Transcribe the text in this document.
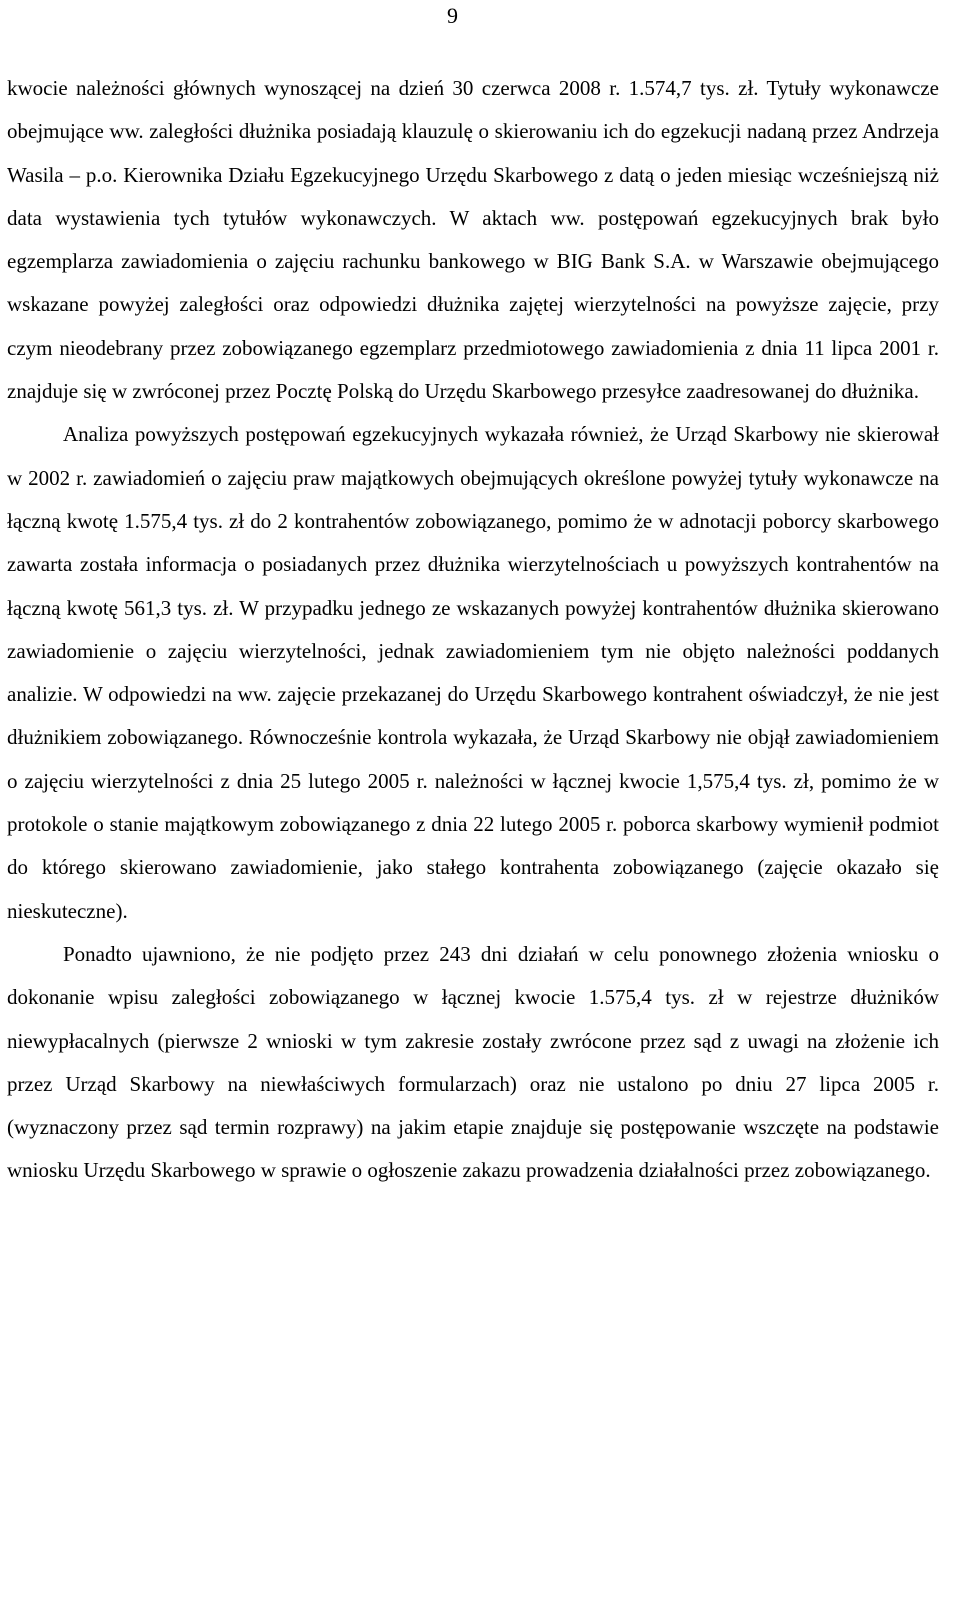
9

kwocie należności głównych wynoszącej na dzień 30 czerwca 2008 r. 1.574,7 tys. zł. Tytuły wykonawcze obejmujące ww. zaległości dłużnika posiadają klauzulę o skierowaniu ich do egzekucji nadaną przez Andrzeja Wasila – p.o. Kierownika Działu Egzekucyjnego Urzędu Skarbowego z datą o jeden miesiąc wcześniejszą niż data wystawienia tych tytułów wykonawczych. W aktach ww. postępowań egzekucyjnych brak było egzemplarza zawiadomienia o zajęciu rachunku bankowego w BIG Bank S.A. w Warszawie obejmującego wskazane powyżej zaległości oraz odpowiedzi dłużnika zajętej wierzytelności na powyższe zajęcie, przy czym nieodebrany przez zobowiązanego egzemplarz przedmiotowego zawiadomienia z dnia 11 lipca 2001 r. znajduje się w zwróconej przez Pocztę Polską do Urzędu Skarbowego przesyłce zaadresowanej do dłużnika.

Analiza powyższych postępowań egzekucyjnych wykazała również, że Urząd Skarbowy nie skierował w 2002 r. zawiadomień o zajęciu praw majątkowych obejmujących określone powyżej tytuły wykonawcze na łączną kwotę 1.575,4 tys. zł do 2 kontrahentów zobowiązanego, pomimo że w adnotacji poborcy skarbowego zawarta została informacja o posiadanych przez dłużnika wierzytelnościach u powyższych kontrahentów na łączną kwotę 561,3 tys. zł. W przypadku jednego ze wskazanych powyżej kontrahentów dłużnika skierowano zawiadomienie o zajęciu wierzytelności, jednak zawiadomieniem tym nie objęto należności poddanych analizie. W odpowiedzi na ww. zajęcie przekazanej do Urzędu Skarbowego kontrahent oświadczył, że nie jest dłużnikiem zobowiązanego. Równocześnie kontrola wykazała, że Urząd Skarbowy nie objął zawiadomieniem o zajęciu wierzytelności z dnia 25 lutego 2005 r. należności w łącznej kwocie 1,575,4 tys. zł, pomimo że w protokole o stanie majątkowym zobowiązanego z dnia 22 lutego 2005 r. poborca skarbowy wymienił podmiot do którego skierowano zawiadomienie, jako stałego kontrahenta zobowiązanego (zajęcie okazało się nieskuteczne).

Ponadto ujawniono, że nie podjęto przez 243 dni działań w celu ponownego złożenia wniosku o dokonanie wpisu zaległości zobowiązanego w łącznej kwocie 1.575,4 tys. zł w rejestrze dłużników niewypłacalnych (pierwsze 2 wnioski w tym zakresie zostały zwrócone przez sąd z uwagi na złożenie ich przez Urząd Skarbowy na niewłaściwych formularzach) oraz nie ustalono po dniu 27 lipca 2005 r. (wyznaczony przez sąd termin rozprawy) na jakim etapie znajduje się postępowanie wszczęte na podstawie wniosku Urzędu Skarbowego w sprawie o ogłoszenie zakazu prowadzenia działalności przez zobowiązanego.
